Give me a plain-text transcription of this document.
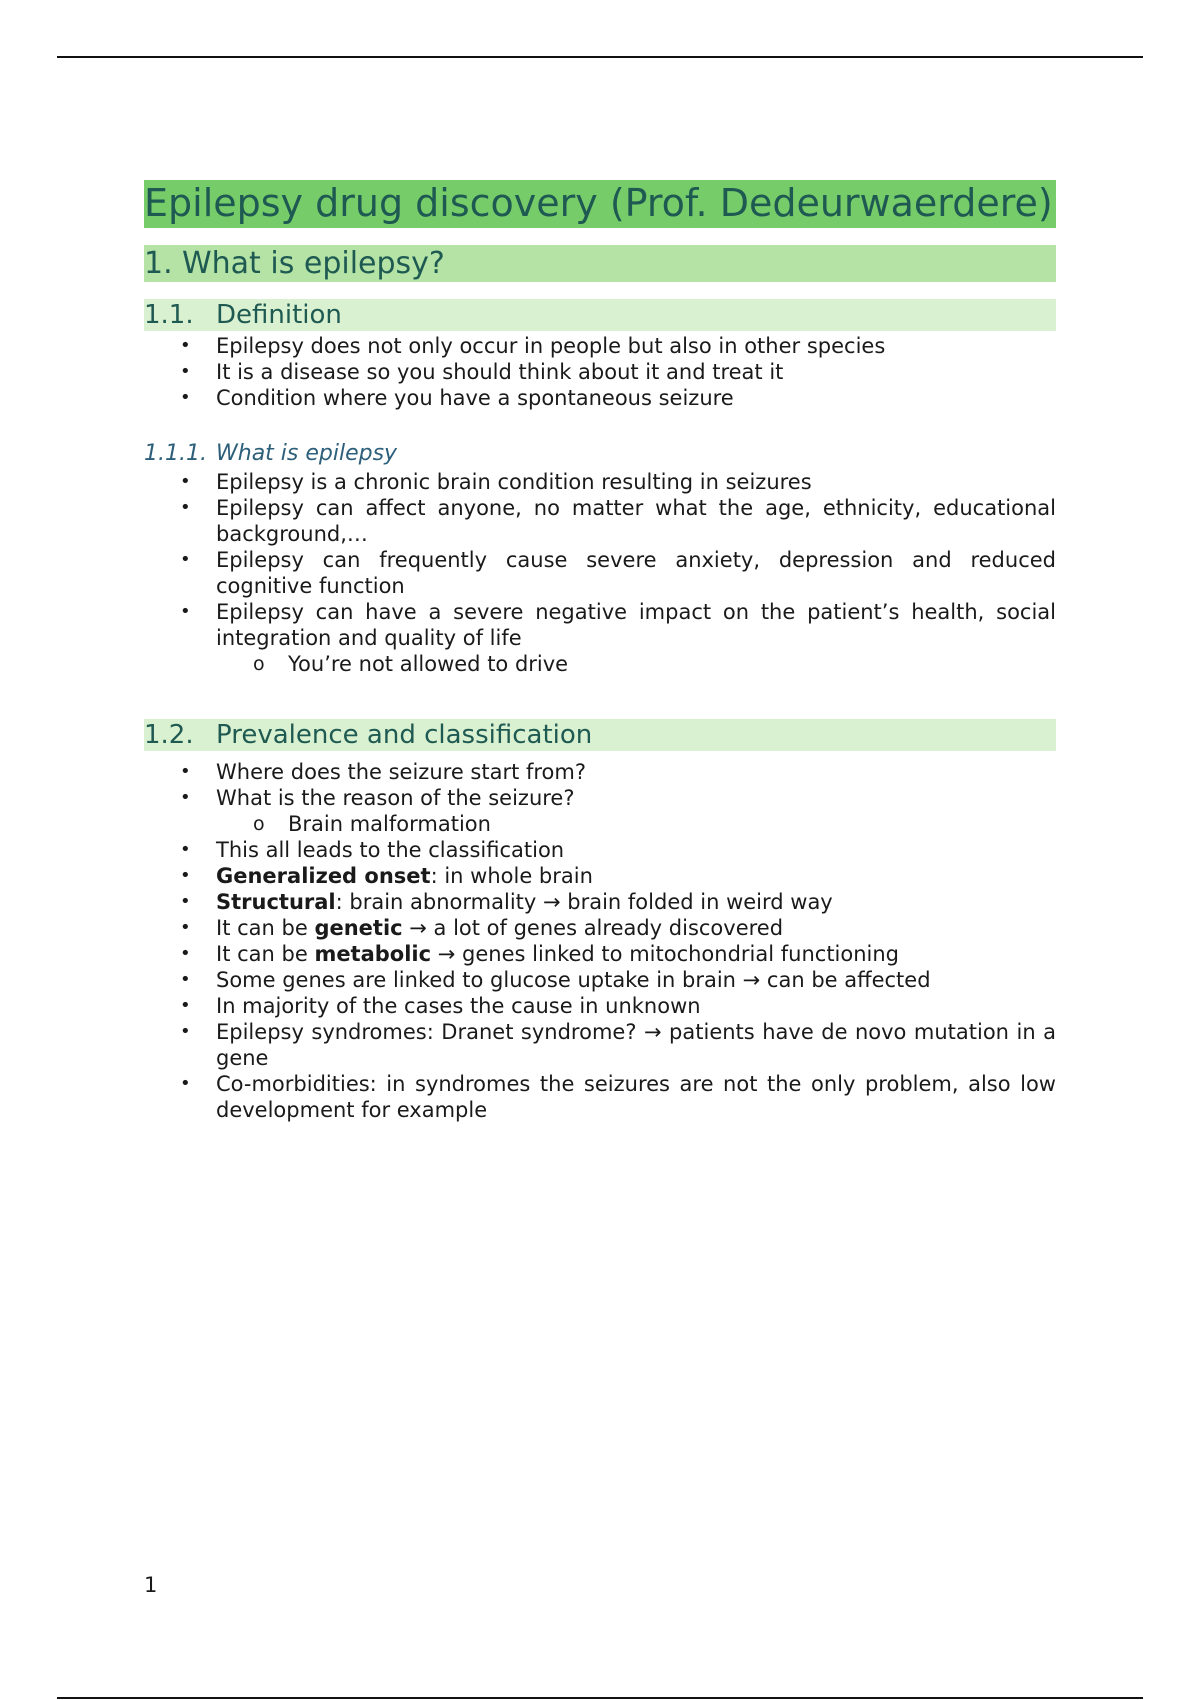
Epilepsy drug discovery (Prof. Dedeurwaerdere)
1. What is epilepsy?
1.1. Definition
• Epilepsy does not only occur in people but also in other species
• It is a disease so you should think about it and treat it
• Condition where you have a spontaneous seizure
1.1.1. What is epilepsy
• Epilepsy is a chronic brain condition resulting in seizures
• Epilepsy can affect anyone, no matter what the age, ethnicity, educational background,…
• Epilepsy can frequently cause severe anxiety, depression and reduced cognitive function
• Epilepsy can have a severe negative impact on the patient’s health, social integration and quality of life
o You’re not allowed to drive
1.2. Prevalence and classification
• Where does the seizure start from?
• What is the reason of the seizure?
o Brain malformation
• This all leads to the classification
• Generalized onset: in whole brain
• Structural: brain abnormality → brain folded in weird way
• It can be genetic → a lot of genes already discovered
• It can be metabolic → genes linked to mitochondrial functioning
• Some genes are linked to glucose uptake in brain → can be affected
• In majority of the cases the cause in unknown
• Epilepsy syndromes: Dranet syndrome? → patients have de novo mutation in a gene
• Co-morbidities: in syndromes the seizures are not the only problem, also low development for example
1
